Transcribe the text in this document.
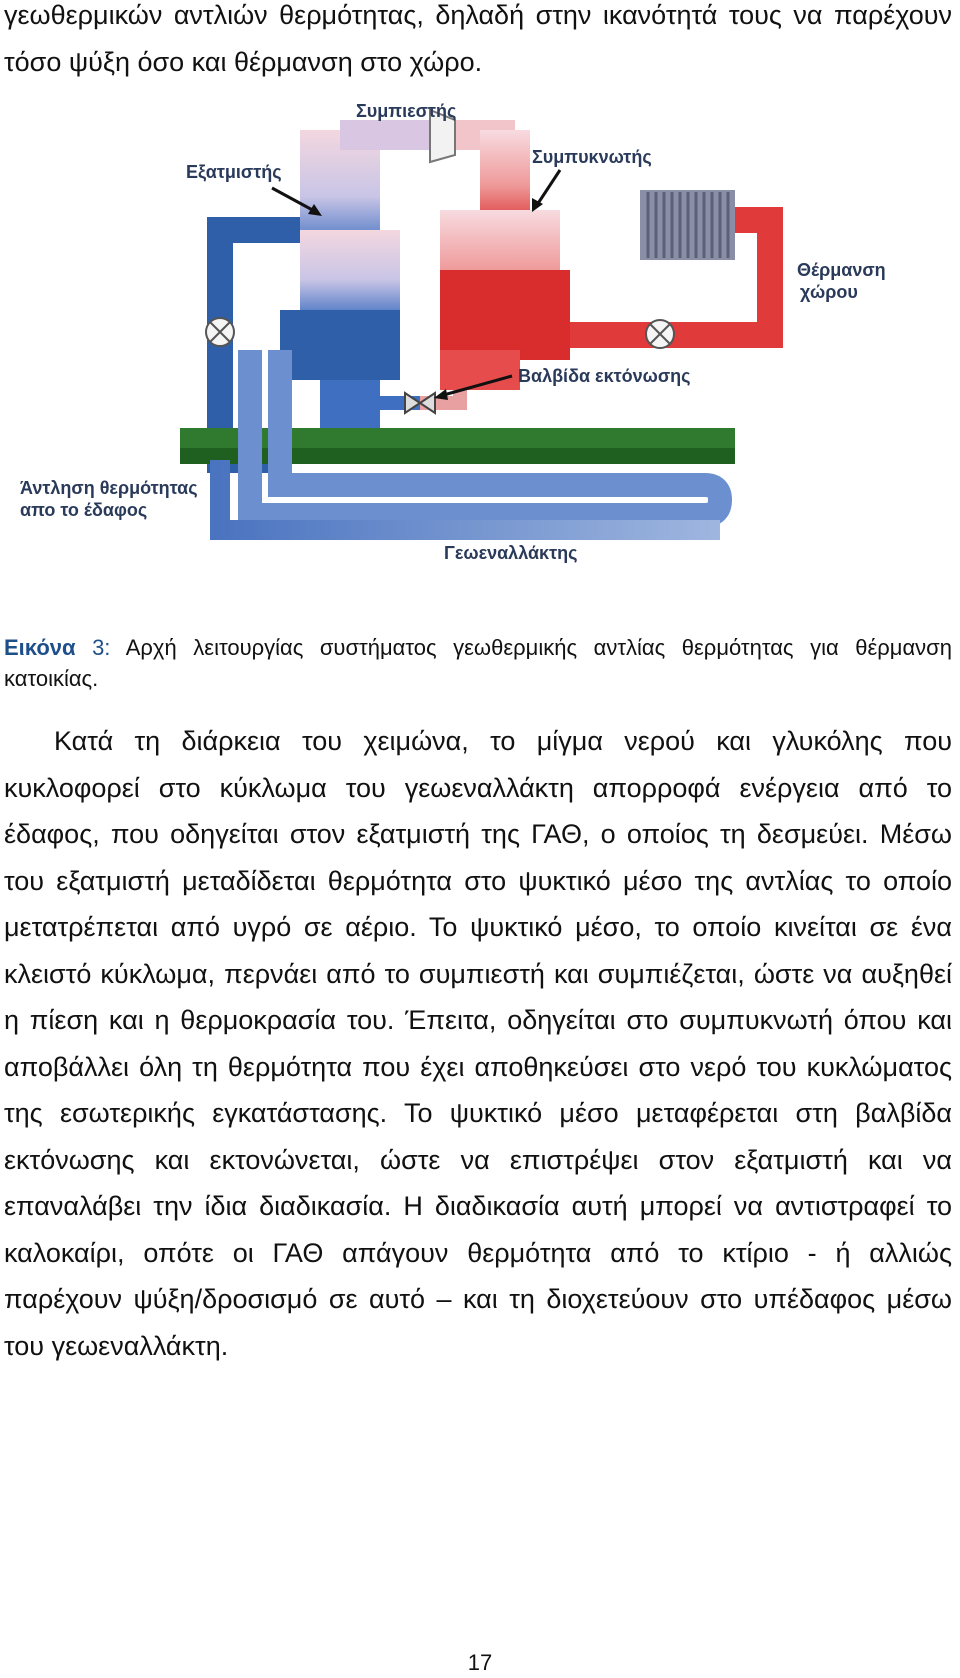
γεωθερμικών αντλιών θερμότητας, δηλαδή στην ικανότητά τους να παρέχουν τόσο ψύξη όσο και θέρμανση στο χώρο.

Συμπιεστής
Εξατμιστής
Συμπυκνωτής
Θέρμανση
χώρου
Βαλβίδα εκτόνωσης
Άντληση θερμότητας
απο το έδαφος
Γεωεναλλάκτης

Εικόνα 3: Αρχή λειτουργίας συστήματος γεωθερμικής αντλίας θερμότητας για θέρμανση κατοικίας.

Κατά τη διάρκεια του χειμώνα, το μίγμα νερού και γλυκόλης που κυκλοφορεί στο κύκλωμα του γεωεναλλάκτη απορροφά ενέργεια από το έδαφος, που οδηγείται στον εξατμιστή της ΓΑΘ, ο οποίος τη δεσμεύει. Μέσω του εξατμιστή μεταδίδεται θερμότητα στο ψυκτικό μέσο της αντλίας το οποίο μετατρέπεται από υγρό σε αέριο. Το ψυκτικό μέσο, το οποίο κινείται σε ένα κλειστό κύκλωμα, περνάει από το συμπιεστή και συμπιέζεται, ώστε να αυξηθεί η πίεση και η θερμοκρασία του. Έπειτα, οδηγείται στο συμπυκνωτή όπου και αποβάλλει όλη τη θερμότητα που έχει αποθηκεύσει στο νερό του κυκλώματος της εσωτερικής εγκατάστασης. Το ψυκτικό μέσο μεταφέρεται στη βαλβίδα εκτόνωσης και εκτονώνεται, ώστε να επιστρέψει στον εξατμιστή και να επαναλάβει την ίδια διαδικασία. Η διαδικασία αυτή μπορεί να αντιστραφεί το καλοκαίρι, οπότε οι ΓΑΘ απάγουν θερμότητα από το κτίριο - ή αλλιώς παρέχουν ψύξη/δροσισμό σε αυτό – και τη διοχετεύουν στο υπέδαφος μέσω του γεωεναλλάκτη.

17
